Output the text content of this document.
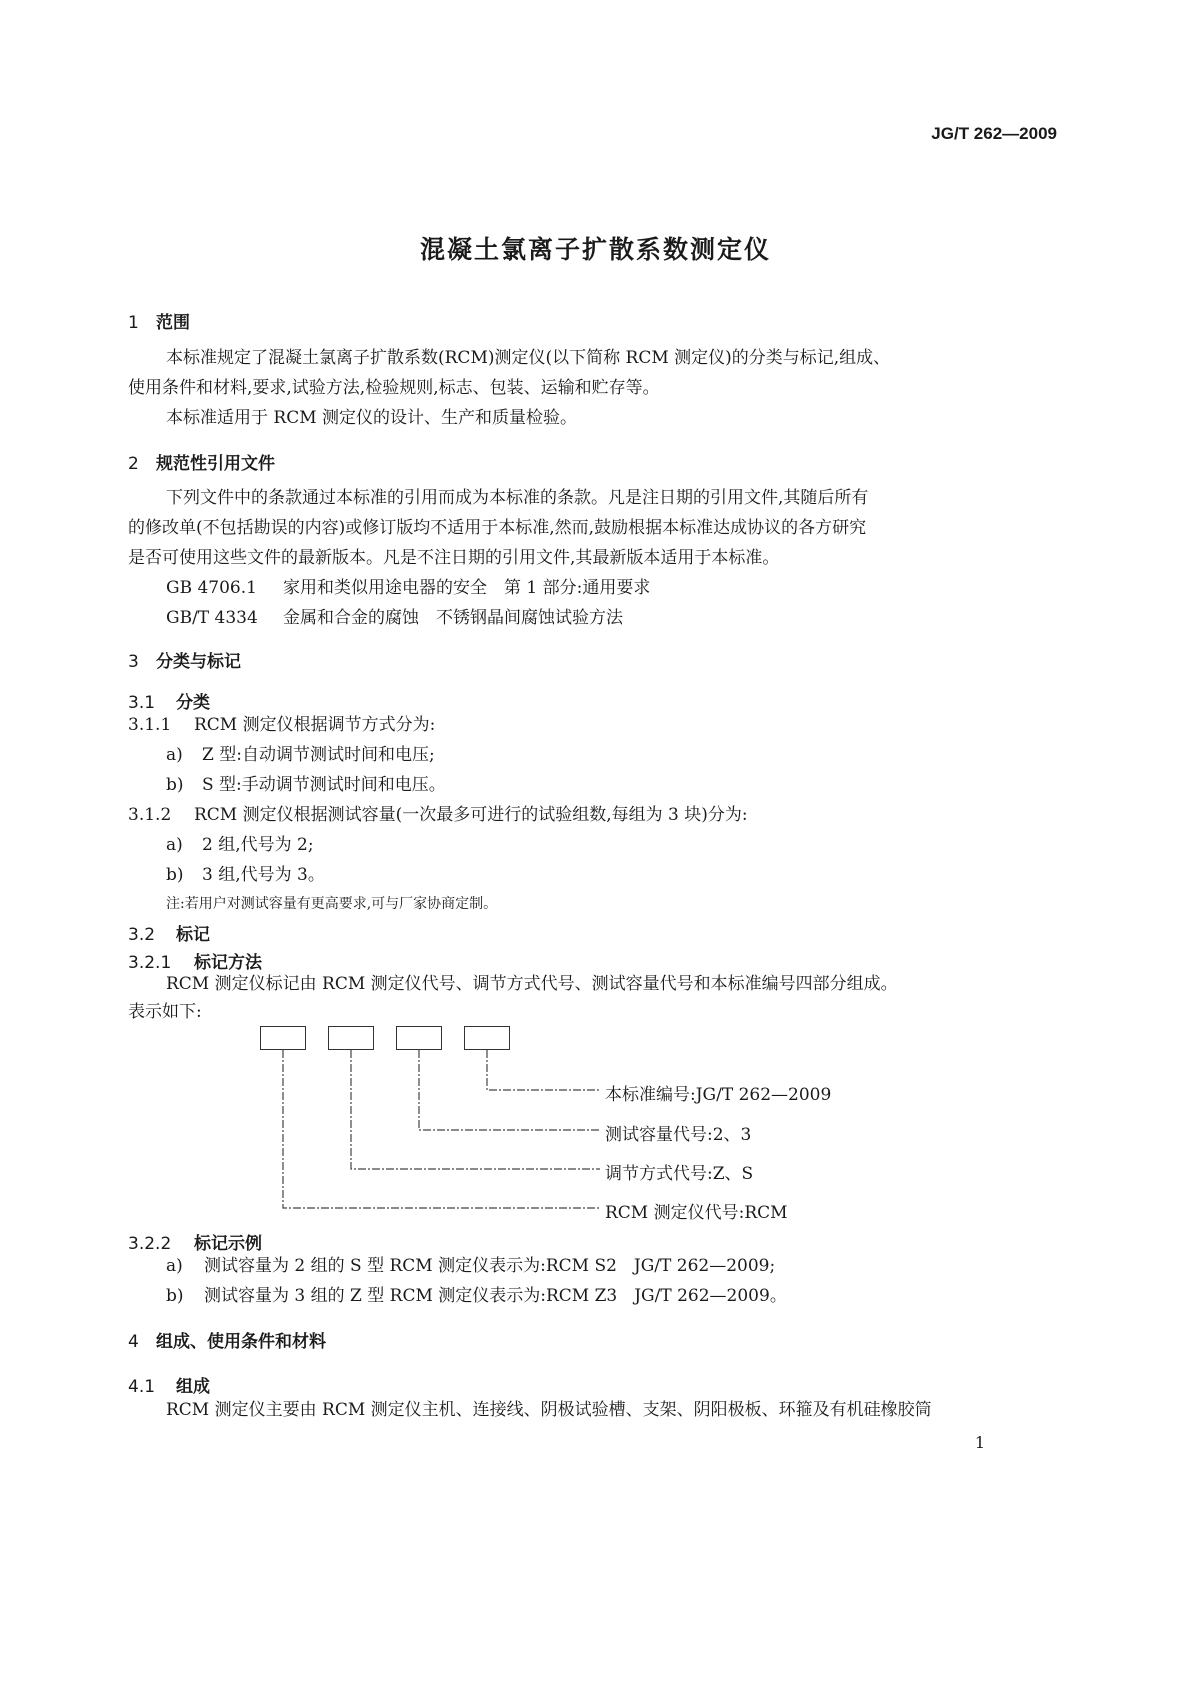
JG/T 262—2009
混凝土氯离子扩散系数测定仪
1 范围
本标准规定了混凝土氯离子扩散系数(RCM)测定仪(以下简称 RCM 测定仪)的分类与标记,组成、
使用条件和材料,要求,试验方法,检验规则,标志、包装、运输和贮存等。
本标准适用于 RCM 测定仪的设计、生产和质量检验。
2 规范性引用文件
下列文件中的条款通过本标准的引用而成为本标准的条款。凡是注日期的引用文件,其随后所有
的修改单(不包括勘误的内容)或修订版均不适用于本标准,然而,鼓励根据本标准达成协议的各方研究
是否可使用这些文件的最新版本。凡是不注日期的引用文件,其最新版本适用于本标准。
GB 4706.1 家用和类似用途电器的安全　第 1 部分:通用要求
GB/T 4334 金属和合金的腐蚀　不锈钢晶间腐蚀试验方法
3 分类与标记
3.1 分类
3.1.1 RCM 测定仪根据调节方式分为:
a) Z 型:自动调节测试时间和电压;
b) S 型:手动调节测试时间和电压。
3.1.2 RCM 测定仪根据测试容量(一次最多可进行的试验组数,每组为 3 块)分为:
a) 2 组,代号为 2;
b) 3 组,代号为 3。
注:若用户对测试容量有更高要求,可与厂家协商定制。
3.2 标记
3.2.1 标记方法
RCM 测定仪标记由 RCM 测定仪代号、调节方式代号、测试容量代号和本标准编号四部分组成。
表示如下:
本标准编号:JG/T 262—2009
测试容量代号:2、3
调节方式代号:Z、S
RCM 测定仪代号:RCM
3.2.2 标记示例
a) 测试容量为 2 组的 S 型 RCM 测定仪表示为:RCM S2　JG/T 262—2009;
b) 测试容量为 3 组的 Z 型 RCM 测定仪表示为:RCM Z3　JG/T 262—2009。
4 组成、使用条件和材料
4.1 组成
RCM 测定仪主要由 RCM 测定仪主机、连接线、阴极试验槽、支架、阴阳极板、环箍及有机硅橡胶筒
1
